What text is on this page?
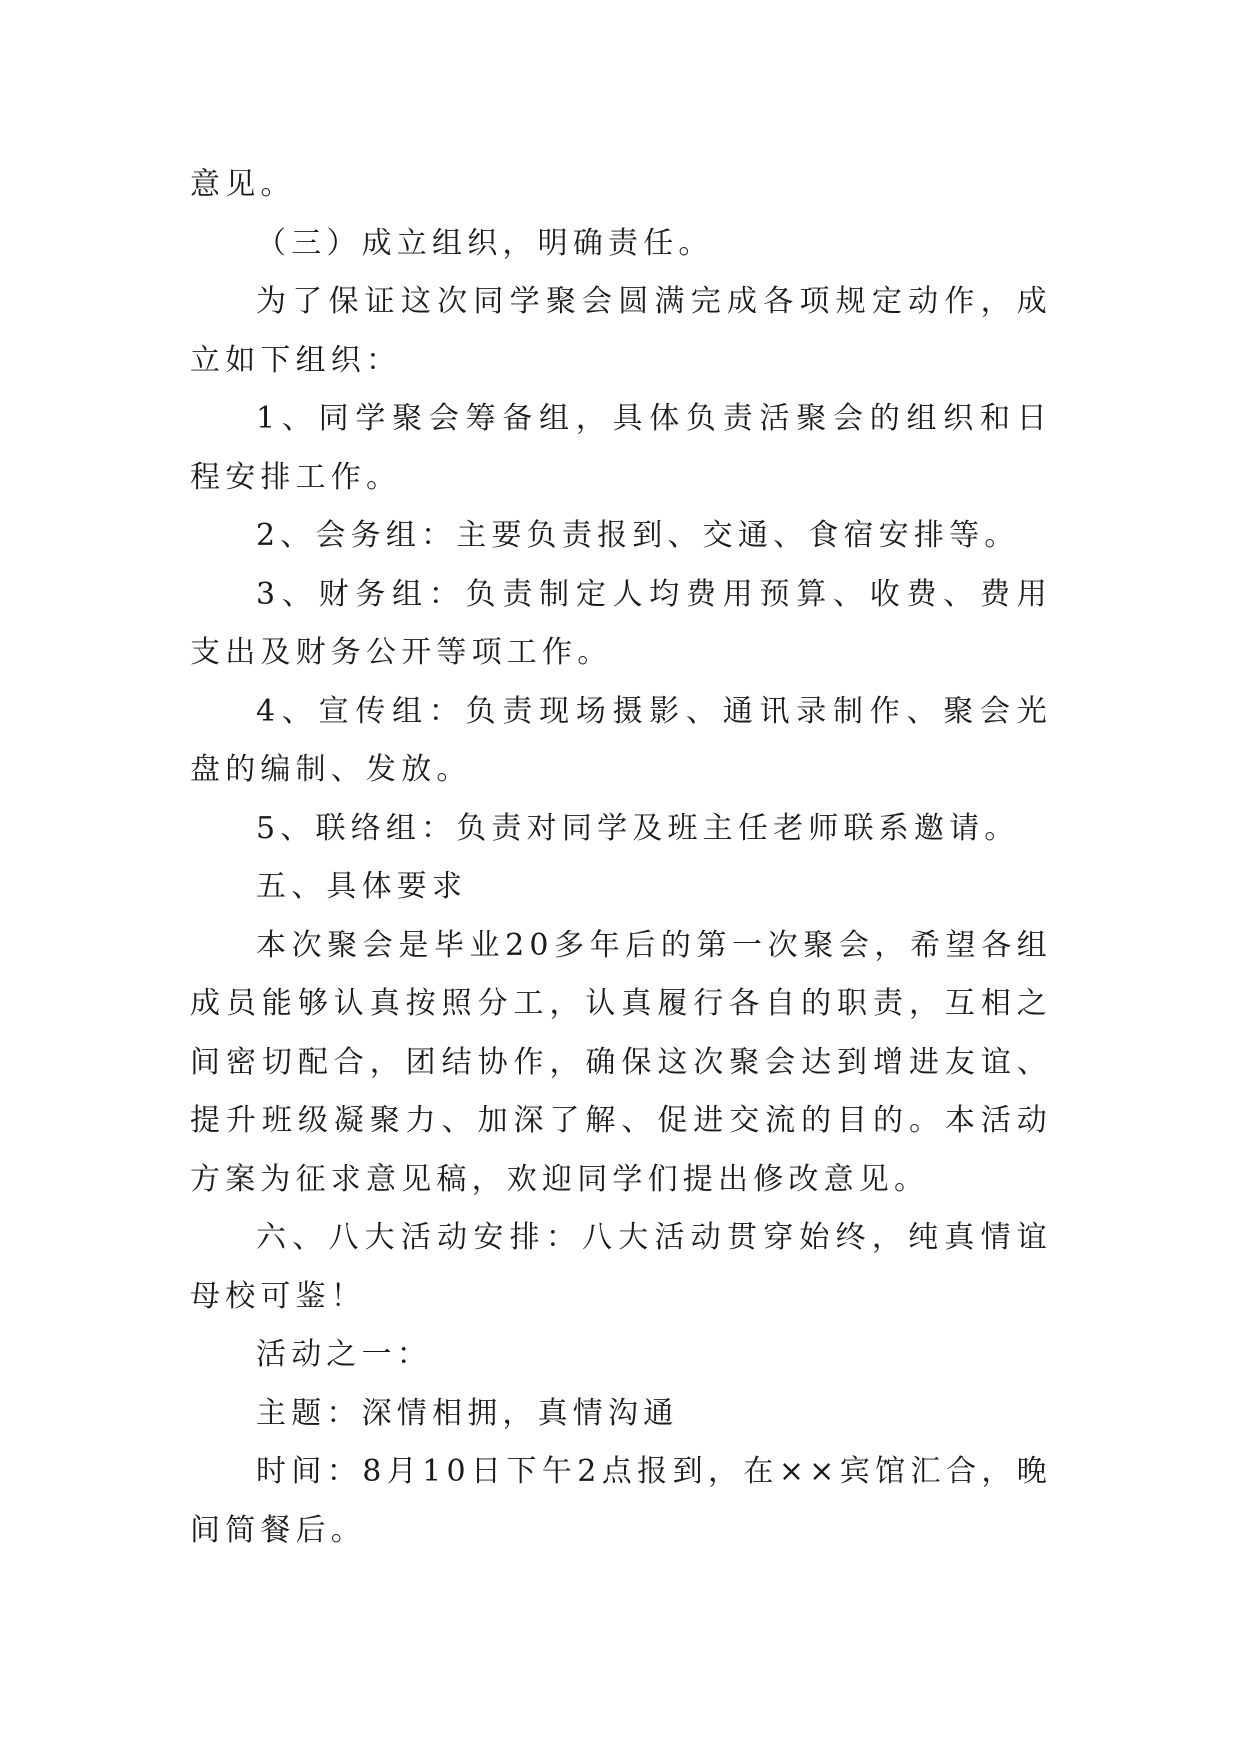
意见。

（三）成立组织，明确责任。

为了保证这次同学聚会圆满完成各项规定动作，成立如下组织：

1、同学聚会筹备组，具体负责活聚会的组织和日程安排工作。

2、会务组：主要负责报到、交通、食宿安排等。

3、财务组：负责制定人均费用预算、收费、费用支出及财务公开等项工作。

4、宣传组：负责现场摄影、通讯录制作、聚会光盘的编制、发放。

5、联络组：负责对同学及班主任老师联系邀请。

五、具体要求

本次聚会是毕业20多年后的第一次聚会，希望各组成员能够认真按照分工，认真履行各自的职责，互相之间密切配合，团结协作，确保这次聚会达到增进友谊、提升班级凝聚力、加深了解、促进交流的目的。本活动方案为征求意见稿，欢迎同学们提出修改意见。

六、八大活动安排：八大活动贯穿始终，纯真情谊母校可鉴！

活动之一：

主题：深情相拥，真情沟通

时间：8月10日下午2点报到，在××宾馆汇合，晚间简餐后。
